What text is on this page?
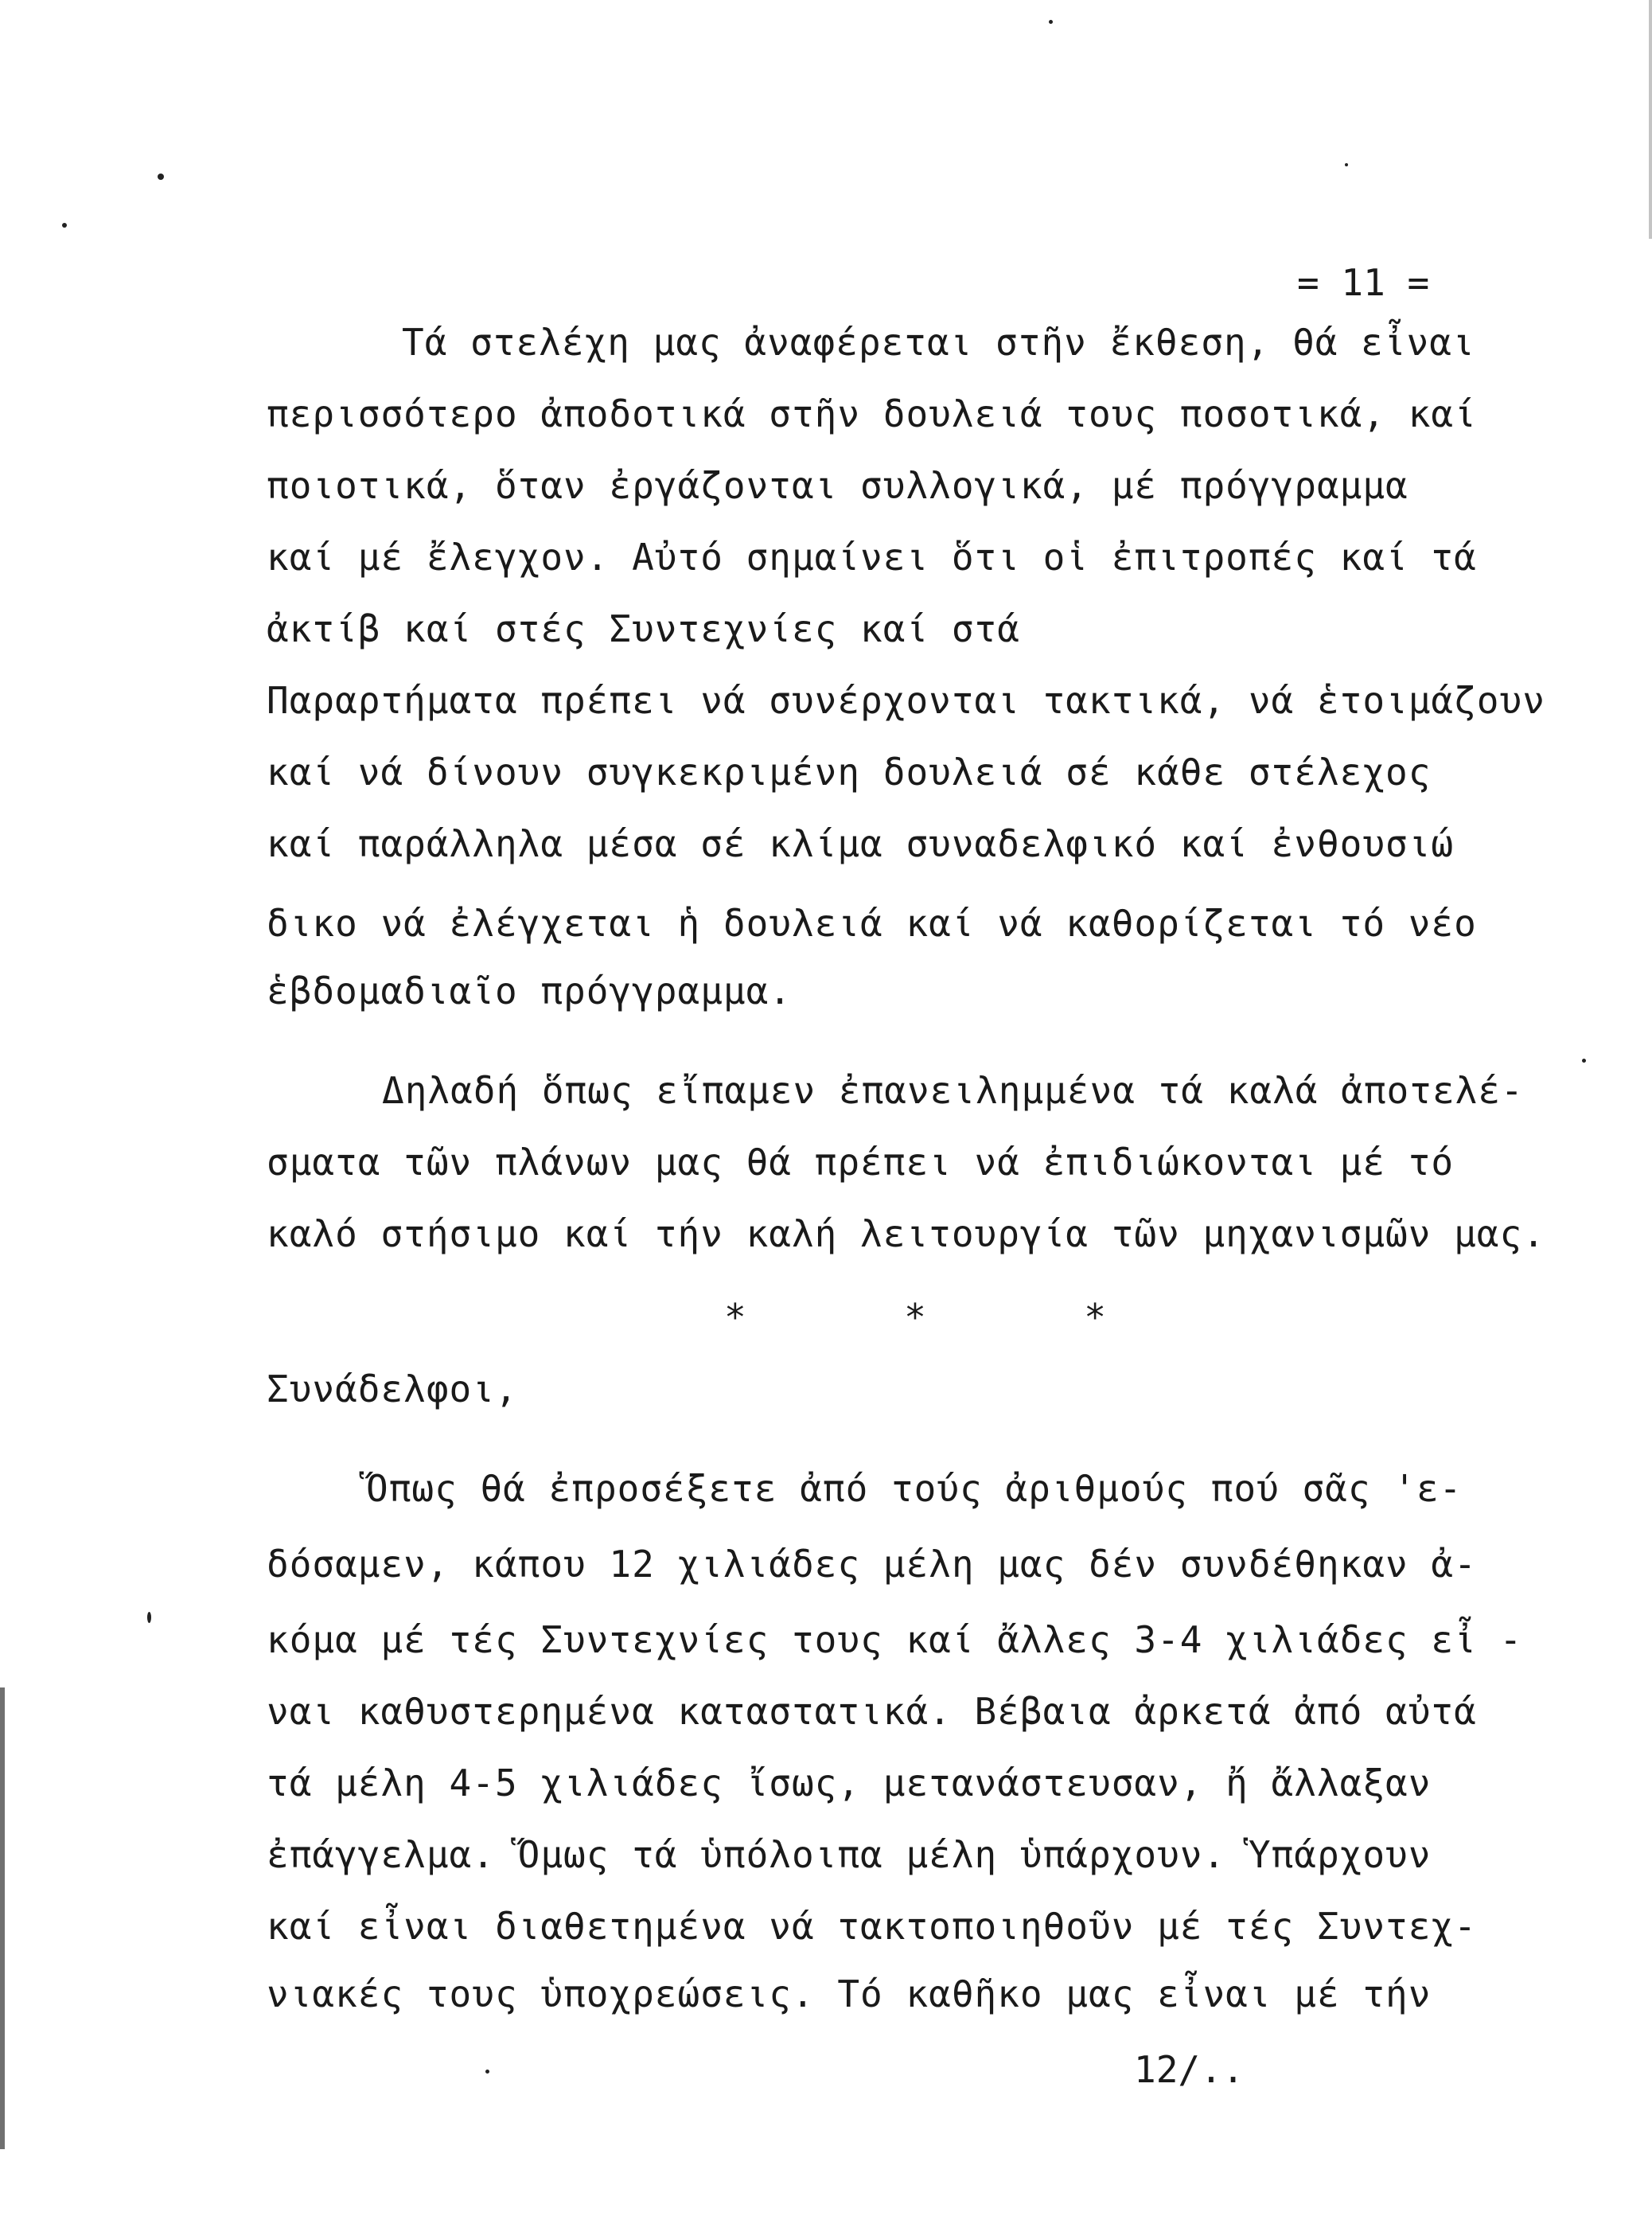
= 11 =
Τά στελέχη μας ἀναφέρεται στῆν ἔκθεση, θά εἶναι
περισσότερο ἀποδοτικά στῆν δουλειά τους ποσοτικά, καί
ποιοτικά, ὅταν ἐργάζονται συλλογικά, μέ πρόγγραμμα
καί μέ ἔλεγχον. Αὐτό σημαίνει ὅτι οἱ ἐπιτροπές καί τά
ἀκτίβ καί στές Συντεχνίες καί στά
Παραρτήματα πρέπει νά συνέρχονται τακτικά, νά ἑτοιμάζουν
καί νά δίνουν συγκεκριμένη δουλειά σέ κάθε στέλεχος
καί παράλληλα μέσα σέ κλίμα συναδελφικό καί ἐνθουσιώ
δικο νά ἐλέγχεται ἡ δουλειά καί νά καθορίζεται τό νέο
ἑβδομαδιαῖο πρόγγραμμα.
Δηλαδή ὅπως εἴπαμεν ἐπανειλημμένα τά καλά ἀποτελέ-
σματα τῶν πλάνων μας θά πρέπει νά ἐπιδιώκονται μέ τό
καλό στήσιμο καί τήν καλή λειτουργία τῶν μηχανισμῶν μας.
*	*	*
Συνάδελφοι,
Ὅπως θά ἐπροσέξετε ἀπό τούς ἀριθμούς πού σᾶς 'ε-
δόσαμεν, κάπου 12 χιλιάδες μέλη μας δέν συνδέθηκαν ἀ-
κόμα μέ τές Συντεχνίες τους καί ἄλλες 3-4 χιλιάδες εἶ -
ναι καθυστερημένα καταστατικά. Βέβαια ἀρκετά ἀπό αὐτά
τά μέλη 4-5 χιλιάδες ἴσως, μετανάστευσαν, ἤ ἄλλαξαν
ἐπάγγελμα. Ὅμως τά ὑπόλοιπα μέλη ὑπάρχουν. Ὑπάρχουν
καί εἶναι διαθετημένα νά τακτοποιηθοῦν μέ τές Συντεχ-
νιακές τους ὑποχρεώσεις. Τό καθῆκο μας εἶναι μέ τήν
12/..
